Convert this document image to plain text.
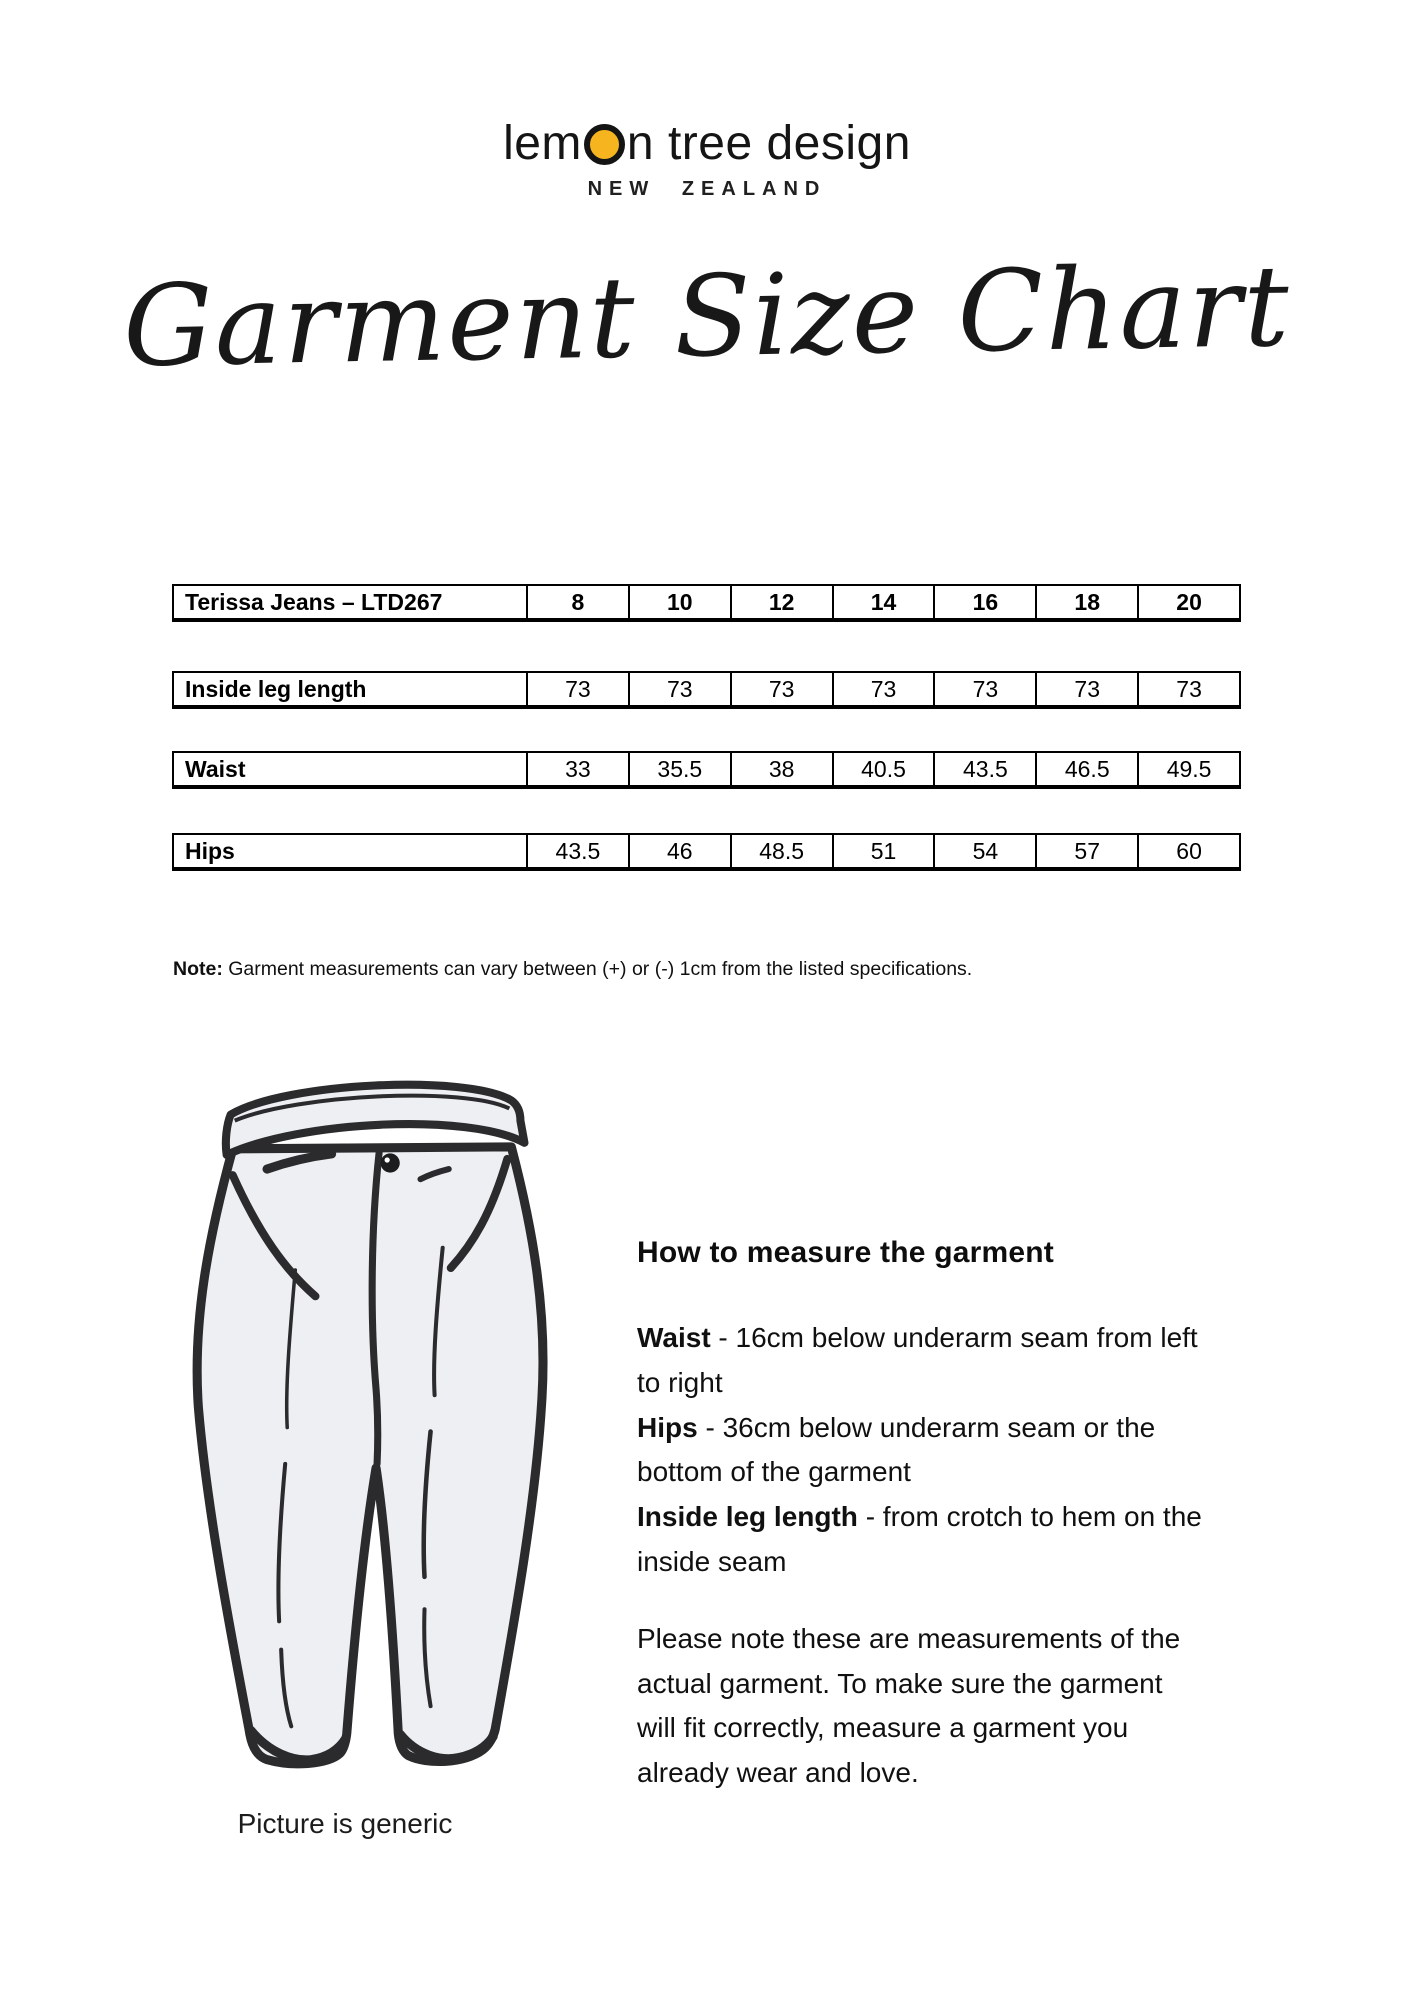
lem n tree design
NEW ZEALAND
Garment Size Chart
Terissa Jeans – LTD267	8	10	12	14	16	18	20
Inside leg length	73	73	73	73	73	73	73
Waist	33	35.5	38	40.5	43.5	46.5	49.5
Hips	43.5	46	48.5	51	54	57	60

Note: Garment measurements can vary between (+) or (-) 1cm from the listed specifications.

Picture is generic
How to measure the garment
Waist - 16cm below underarm seam from left to right
Hips - 36cm below underarm seam or the bottom of the garment
Inside leg length - from crotch to hem on the inside seam

Please note these are measurements of the actual garment. To make sure the garment will fit correctly, measure a garment you already wear and love.
